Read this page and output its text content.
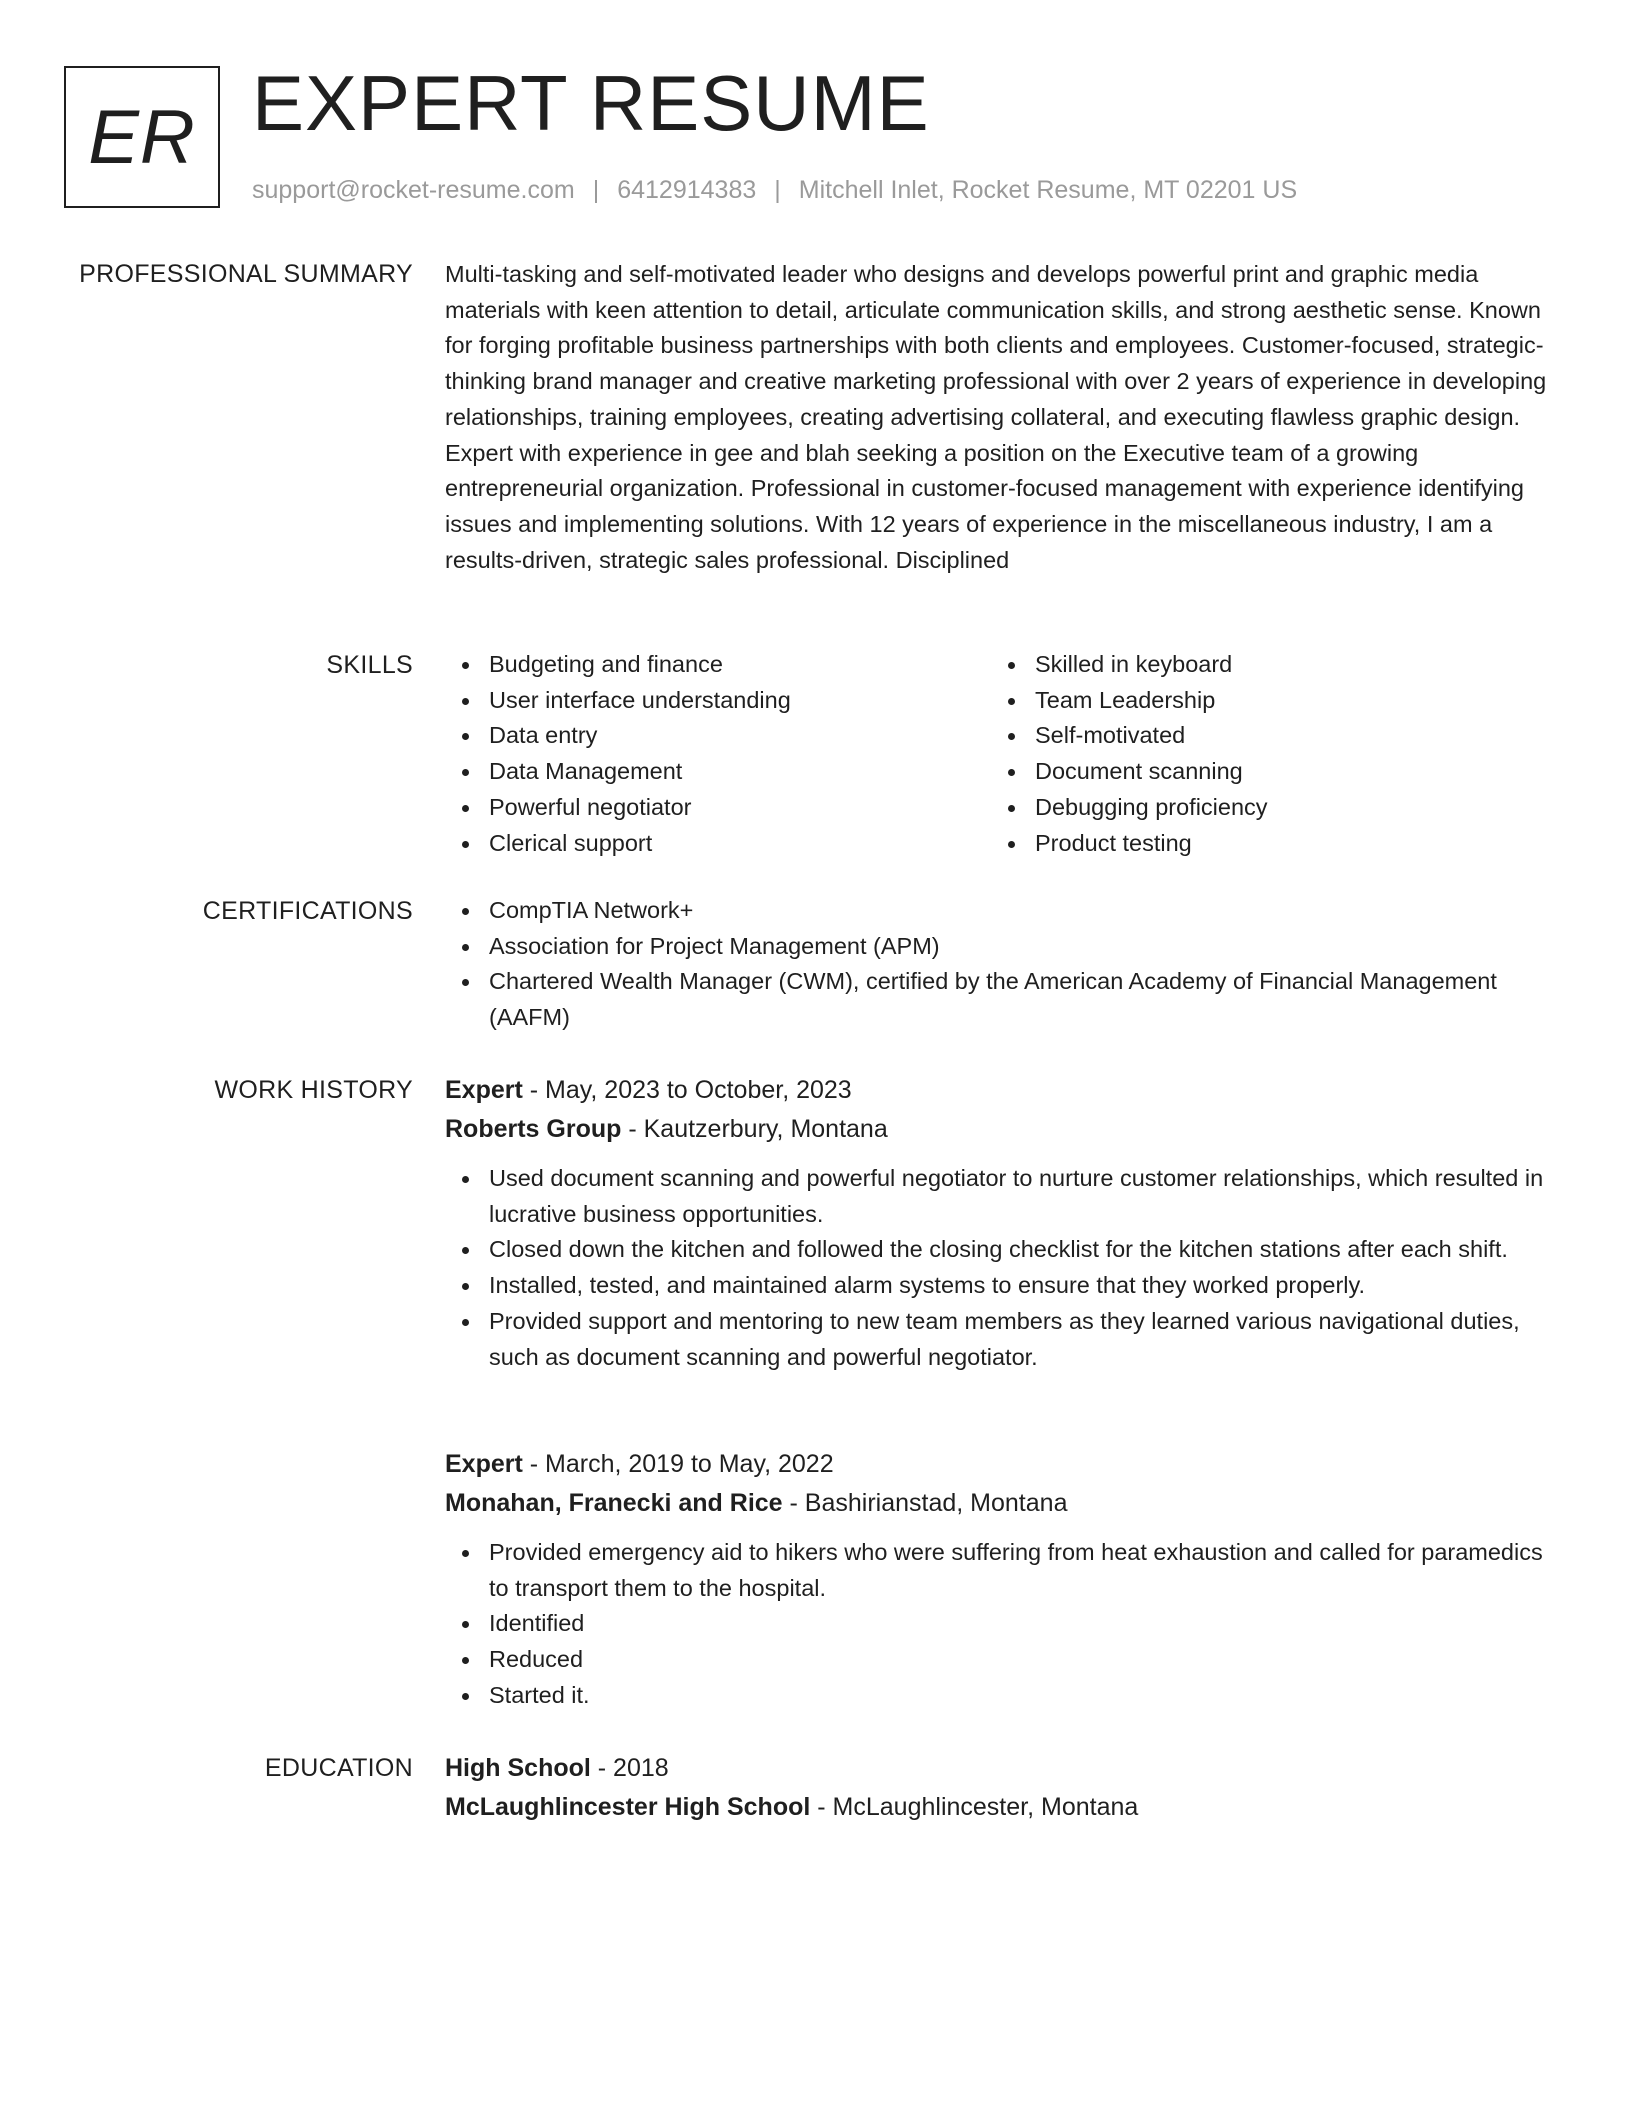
ER EXPERT RESUME
support@rocket-resume.com | 6412914383 | Mitchell Inlet, Rocket Resume, MT 02201 US
PROFESSIONAL SUMMARY Multi-tasking and self-motivated leader who designs and develops powerful print and graphic media materials with keen attention to detail, articulate communication skills, and strong aesthetic sense. Known for forging profitable business partnerships with both clients and employees. Customer-focused, strategic-thinking brand manager and creative marketing professional with over 2 years of experience in developing relationships, training employees, creating advertising collateral, and executing flawless graphic design. Expert with experience in gee and blah seeking a position on the Executive team of a growing entrepreneurial organization. Professional in customer-focused management with experience identifying issues and implementing solutions. With 12 years of experience in the miscellaneous industry, I am a results-driven, strategic sales professional. Disciplined
SKILLS	Budgeting and finance
User interface understanding
Data entry
Data Management
Powerful negotiator
Clerical support
Skilled in keyboard
Team Leadership
Self-motivated
Document scanning
Debugging proficiency
Product testing
CERTIFICATIONS	CompTIA Network+
Association for Project Management (APM)
Chartered Wealth Manager (CWM), certified by the American Academy of Financial Management (AAFM)
WORK HISTORY Expert - May, 2023 to October, 2023
Roberts Group - Kautzerbury, Montana
Used document scanning and powerful negotiator to nurture customer relationships, which resulted in lucrative business opportunities.
Closed down the kitchen and followed the closing checklist for the kitchen stations after each shift.
Installed, tested, and maintained alarm systems to ensure that they worked properly.
Provided support and mentoring to new team members as they learned various navigational duties, such as document scanning and powerful negotiator.
Expert - March, 2019 to May, 2022
Monahan, Franecki and Rice - Bashirianstad, Montana
Provided emergency aid to hikers who were suffering from heat exhaustion and called for paramedics to transport them to the hospital.
Identified
Reduced
Started it.
EDUCATION High School - 2018
McLaughlincester High School - McLaughlincester, Montana
